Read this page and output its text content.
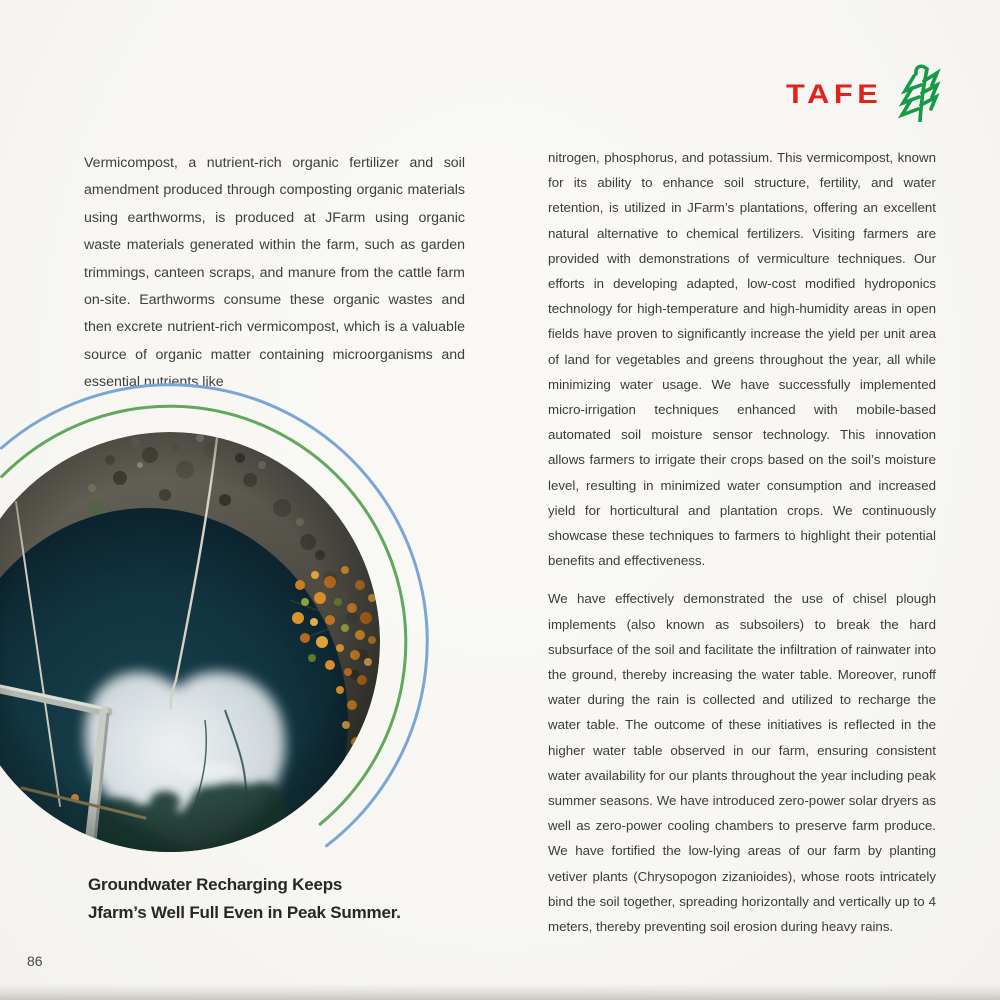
TAFE

Vermicompost, a nutrient-rich organic fertilizer and soil amendment produced through composting organic materials using earthworms, is produced at JFarm using organic waste materials generated within the farm, such as garden trimmings, canteen scraps, and manure from the cattle farm on-site. Earthworms consume these organic wastes and then excrete nutrient-rich vermicompost, which is a valuable source of organic matter containing microorganisms and essential nutrients like

nitrogen, phosphorus, and potassium. This vermicompost, known for its ability to enhance soil structure, fertility, and water retention, is utilized in JFarm’s plantations, offering an excellent natural alternative to chemical fertilizers. Visiting farmers are provided with demonstrations of vermiculture techniques. Our efforts in developing adapted, low-cost modified hydroponics technology for high-temperature and high-humidity areas in open fields have proven to significantly increase the yield per unit area of land for vegetables and greens throughout the year, all while minimizing water usage. We have successfully implemented micro-irrigation techniques enhanced with mobile-based automated soil moisture sensor technology. This innovation allows farmers to irrigate their crops based on the soil’s moisture level, resulting in minimized water consumption and increased yield for horticultural and plantation crops. We continuously showcase these techniques to farmers to highlight their potential benefits and effectiveness.

We have effectively demonstrated the use of chisel plough implements (also known as subsoilers) to break the hard subsurface of the soil and facilitate the infiltration of rainwater into the ground, thereby increasing the water table. Moreover, runoff water during the rain is collected and utilized to recharge the water table. The outcome of these initiatives is reflected in the higher water table observed in our farm, ensuring consistent water availability for our plants throughout the year including peak summer seasons. We have introduced zero-power solar dryers as well as zero-power cooling chambers to preserve farm produce. We have fortified the low-lying areas of our farm by planting vetiver plants (Chrysopogon zizanioides), whose roots intricately bind the soil together, spreading horizontally and vertically up to 4 meters, thereby preventing soil erosion during heavy rains.

Groundwater Recharging Keeps
Jfarm’s Well Full Even in Peak Summer.
86
